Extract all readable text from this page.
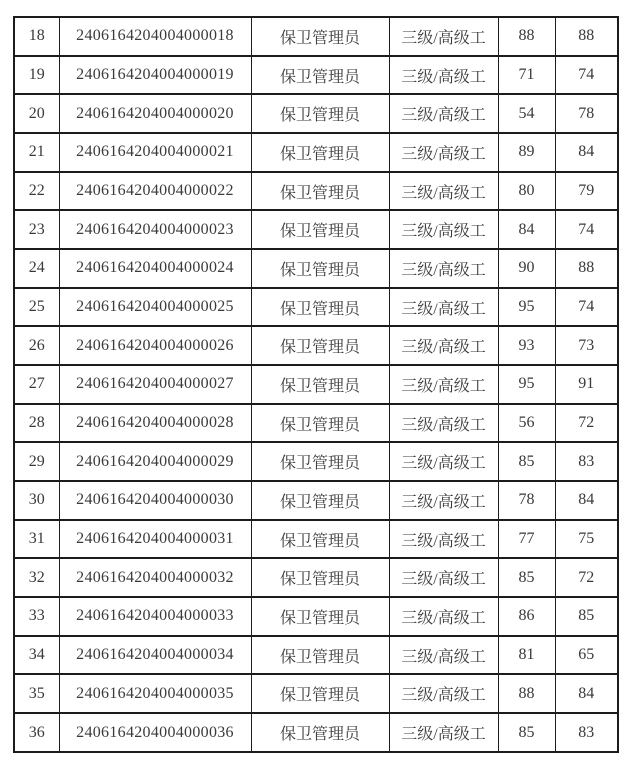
18	2406164204004000018	保卫管理员	三级/高级工	88	88
19	2406164204004000019	保卫管理员	三级/高级工	71	74
20	2406164204004000020	保卫管理员	三级/高级工	54	78
21	2406164204004000021	保卫管理员	三级/高级工	89	84
22	2406164204004000022	保卫管理员	三级/高级工	80	79
23	2406164204004000023	保卫管理员	三级/高级工	84	74
24	2406164204004000024	保卫管理员	三级/高级工	90	88
25	2406164204004000025	保卫管理员	三级/高级工	95	74
26	2406164204004000026	保卫管理员	三级/高级工	93	73
27	2406164204004000027	保卫管理员	三级/高级工	95	91
28	2406164204004000028	保卫管理员	三级/高级工	56	72
29	2406164204004000029	保卫管理员	三级/高级工	85	83
30	2406164204004000030	保卫管理员	三级/高级工	78	84
31	2406164204004000031	保卫管理员	三级/高级工	77	75
32	2406164204004000032	保卫管理员	三级/高级工	85	72
33	2406164204004000033	保卫管理员	三级/高级工	86	85
34	2406164204004000034	保卫管理员	三级/高级工	81	65
35	2406164204004000035	保卫管理员	三级/高级工	88	84
36	2406164204004000036	保卫管理员	三级/高级工	85	83
